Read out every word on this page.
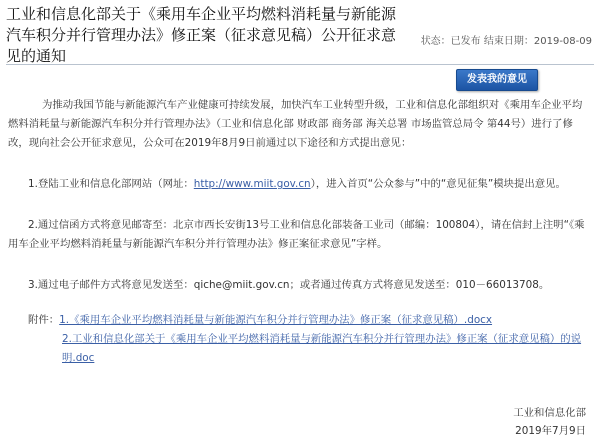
工业和信息化部关于《乘用车企业平均燃料消耗量与新能源汽车积分并行管理办法》修正案（征求意见稿）公开征求意见的通知
状态：已发布 结束日期：2019-08-09
发表我的意见

为推动我国节能与新能源汽车产业健康可持续发展，加快汽车工业转型升级，工业和信息化部组织对《乘用车企业平均燃料消耗量与新能源汽车积分并行管理办法》（工业和信息化部 财政部 商务部 海关总署 市场监管总局令 第44号）进行了修改，现向社会公开征求意见，公众可在2019年8月9日前通过以下途径和方式提出意见：

1.登陆工业和信息化部网站（网址：http://www.miit.gov.cn），进入首页“公众参与”中的“意见征集”模块提出意见。

2.通过信函方式将意见邮寄至：北京市西长安街13号工业和信息化部装备工业司（邮编：100804），请在信封上注明“《乘用车企业平均燃料消耗量与新能源汽车积分并行管理办法》修正案征求意见”字样。

3.通过电子邮件方式将意见发送至：qiche@miit.gov.cn；或者通过传真方式将意见发送至：010－66013708。

附件：1.《乘用车企业平均燃料消耗量与新能源汽车积分并行管理办法》修正案（征求意见稿）.docx
2.工业和信息化部关于《乘用车企业平均燃料消耗量与新能源汽车积分并行管理办法》修正案（征求意见稿）的说明.doc
工业和信息化部
2019年7月9日
